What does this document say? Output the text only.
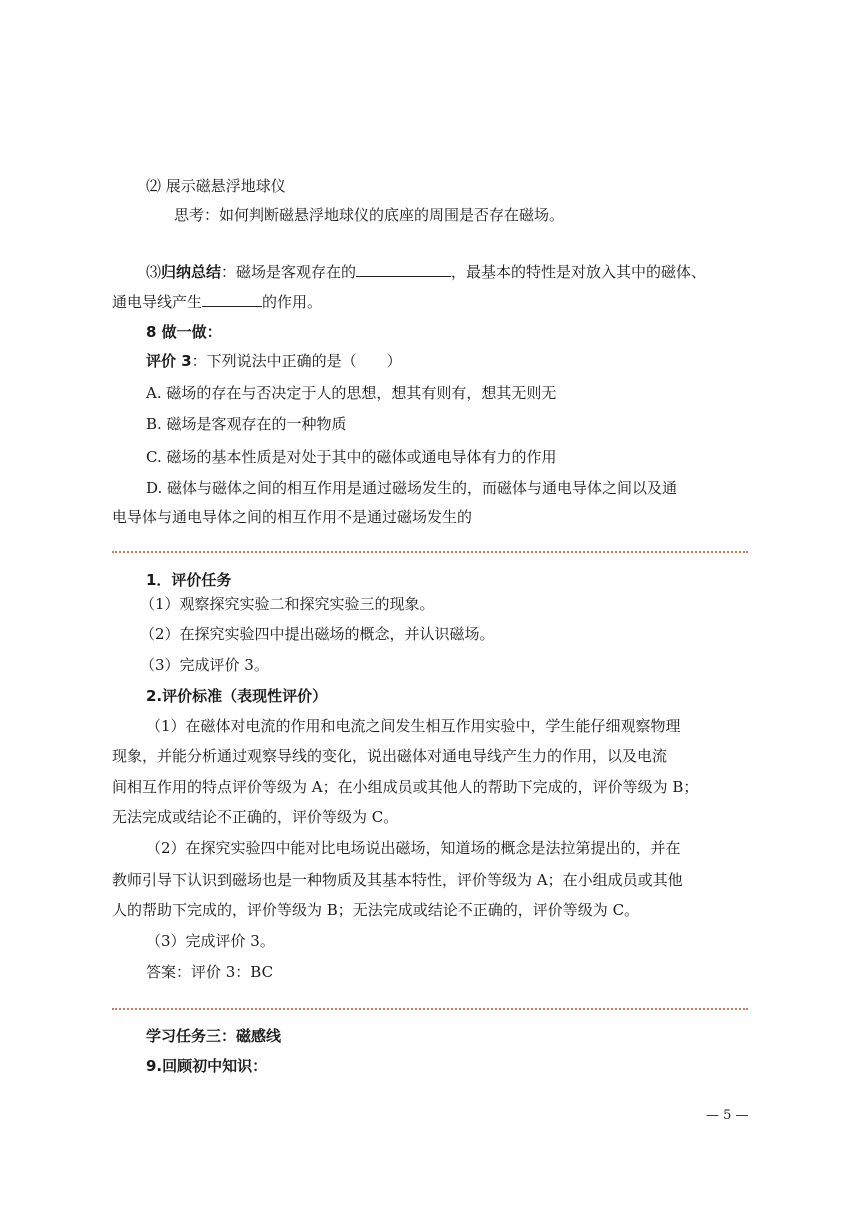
⑵ 展示磁悬浮地球仪
思考：如何判断磁悬浮地球仪的底座的周围是否存在磁场。
⑶归纳总结：磁场是客观存在的	，最基本的特性是对放入其中的磁体、
通电导线产生	的作用。
8 做一做：
评价 3：下列说法中正确的是（　　）
A. 磁场的存在与否决定于人的思想，想其有则有，想其无则无
B. 磁场是客观存在的一种物质
C. 磁场的基本性质是对处于其中的磁体或通电导体有力的作用
D. 磁体与磁体之间的相互作用是通过磁场发生的，而磁体与通电导体之间以及通
电导体与通电导体之间的相互作用不是通过磁场发生的
1．评价任务
（1）观察探究实验二和探究实验三的现象。
（2）在探究实验四中提出磁场的概念，并认识磁场。
（3）完成评价 3。
2.评价标准（表现性评价）
（1）在磁体对电流的作用和电流之间发生相互作用实验中，学生能仔细观察物理
现象，并能分析通过观察导线的变化，说出磁体对通电导线产生力的作用，以及电流
间相互作用的特点评价等级为 A；在小组成员或其他人的帮助下完成的，评价等级为 B；
无法完成或结论不正确的，评价等级为 C。
（2）在探究实验四中能对比电场说出磁场，知道场的概念是法拉第提出的，并在
教师引导下认识到磁场也是一种物质及其基本特性，评价等级为 A；在小组成员或其他
人的帮助下完成的，评价等级为 B；无法完成或结论不正确的，评价等级为 C。
（3）完成评价 3。
答案：评价 3：BC
学习任务三：磁感线
9.回顾初中知识：
— 5 —
